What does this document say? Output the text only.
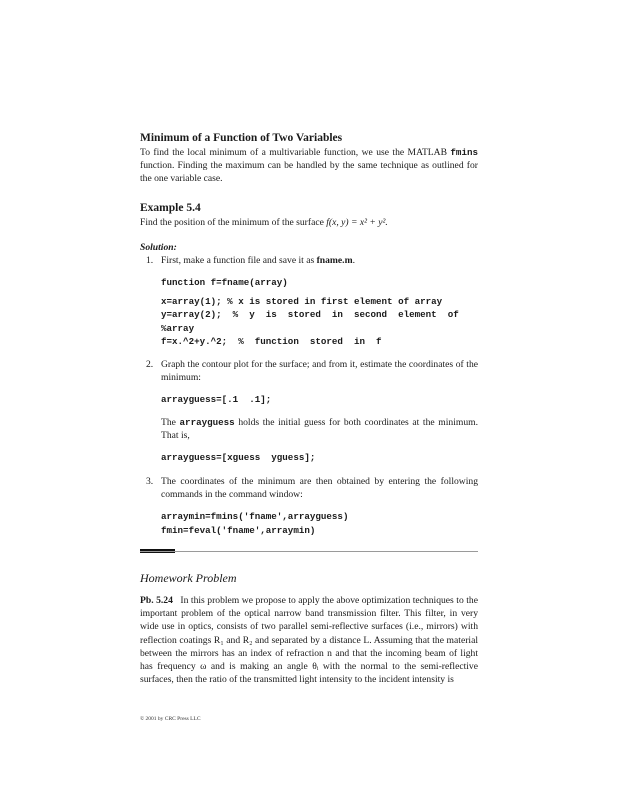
Minimum of a Function of Two Variables

To find the local minimum of a multivariable function, we use the MATLAB fmins function. Finding the maximum can be handled by the same technique as outlined for the one variable case.

Example 5.4

Find the position of the minimum of the surface f(x, y) = x² + y².

Solution:

1. First, make a function file and save it as fname.m.

function f=fname(array)

x=array(1); % x is stored in first element of array

y=array(2);  %  y  is  stored  in  second  element  of

%array

f=x.^2+y.^2;  %  function  stored  in  f

2. Graph the contour plot for the surface; and from it, estimate the coordinates of the minimum:

arrayguess=[.1  .1];

The arrayguess holds the initial guess for both coordinates at the minimum. That is,

arrayguess=[xguess  yguess];

3. The coordinates of the minimum are then obtained by entering the following commands in the command window:

arraymin=fmins('fname',arrayguess)

fmin=feval('fname',arraymin)

Homework Problem

Pb. 5.24 In this problem we propose to apply the above optimization techniques to the important problem of the optical narrow band transmission filter. This filter, in very wide use in optics, consists of two parallel semi-reflective surfaces (i.e., mirrors) with reflection coatings R₁ and R₂ and separated by a distance L. Assuming that the material between the mirrors has an index of refraction n and that the incoming beam of light has frequency ω and is making an angle θᵢ with the normal to the semi-reflective surfaces, then the ratio of the transmitted light intensity to the incident intensity is

© 2001 by CRC Press LLC
